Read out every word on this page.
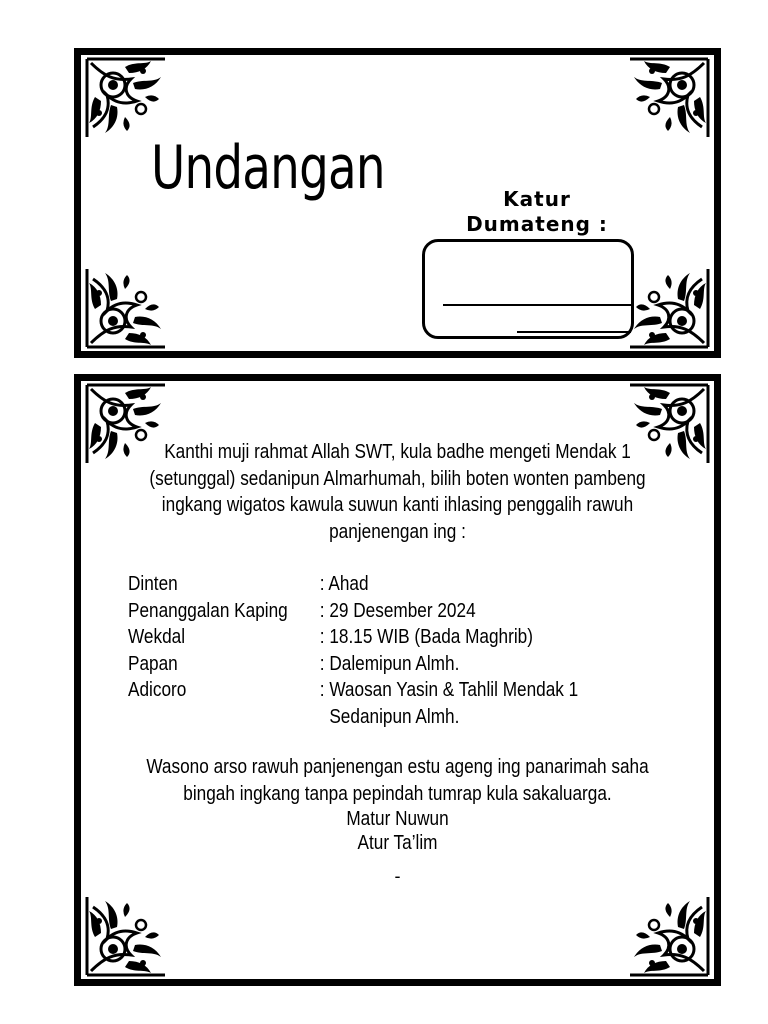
Undangan	Katur
Dumateng :
Kanthi muji rahmat Allah SWT, kula badhe mengeti Mendak 1
(setunggal) sedanipun Almarhumah, bilih boten wonten pambeng
ingkang wigatos kawula suwun kanti ihlasing penggalih rawuh
panjenengan ing :
Dinten	: Ahad
Penanggalan Kaping	: 29 Desember 2024
Wekdal	: 18.15 WIB (Bada Maghrib)
Papan	: Dalemipun Almh.
Adicoro	: Waosan Yasin & Tahlil Mendak 1
Sedanipun Almh.
Wasono arso rawuh panjenengan estu ageng ing panarimah saha
bingah ingkang tanpa pepindah tumrap kula sakaluarga.
Matur Nuwun
Atur Ta’lim
-
